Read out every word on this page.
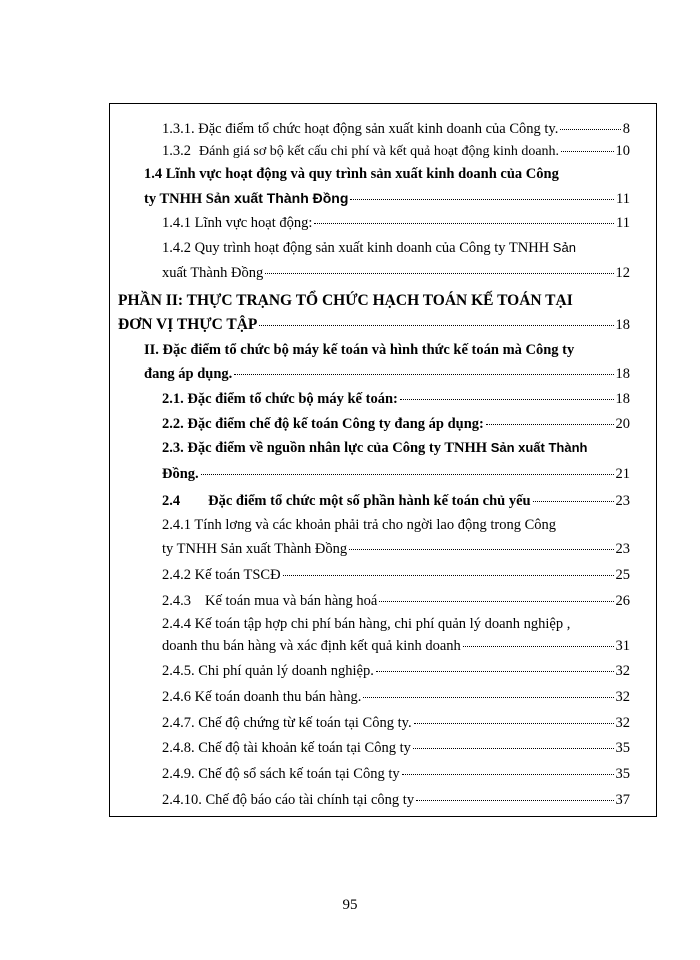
1.3.1. Đặc điểm tổ chức hoạt động sản xuất kinh doanh của Công ty.	8
1.3.2 Đánh giá sơ bộ kết cấu chi phí và kết quả hoạt động kinh doanh.	10
1.4 Lĩnh vực hoạt động và quy trình sản xuất kinh doanh của Công
ty TNHH S ản xuất Thành Đồng	11
1.4.1 Lĩnh vực hoạt động:	11
1.4.2 Quy trình hoạt động sản xuất kinh doanh của Công ty TNHH Sản
xuất Thành Đồng	12
PHẦN II: THỰC TRẠNG TỔ CHỨC HẠCH TOÁN KẾ TOÁN TẠI
ĐƠN VỊ THỰC TẬP	18
II. Đặc điểm tổ chức bộ máy kế toán và hình thức kế toán mà Công ty
đang áp dụng.	18
2.1. Đặc điểm tổ chức bộ máy kế toán:	18
2.2. Đặc điểm chế độ kế toán Công ty đang áp dụng:	20
2.3. Đặc điểm về nguồn nhân lực của Công ty TNHH Sản xuất Thành
Đồng.	21
2.4 Đặc điểm tổ chức một số phần hành kế toán chủ yếu	23
2.4.1 Tính lơng và các khoản phải trả cho ngời lao động trong Công
ty TNHH Sản xuất Thành Đồng	23
2.4.2 Kế toán TSCĐ	25
2.4.3 Kế toán mua và bán hàng hoá	26
2.4.4 Kế toán tập hợp chi phí bán hàng, chi phí quản lý doanh nghiệp ,
doanh thu bán hàng và xác định kết quả kinh doanh	31
2.4.5. Chi phí quản lý doanh nghiệp.	32
2.4.6 Kế toán doanh thu bán hàng.	32
2.4.7. Chế độ chứng từ kế toán tại Công ty.	32
2.4.8. Chế độ tài khoản kế toán tại Công ty	35
2.4.9. Chế độ sổ sách kế toán tại Công ty	35
2.4.10. Chế độ báo cáo tài chính tại công ty	37
95
